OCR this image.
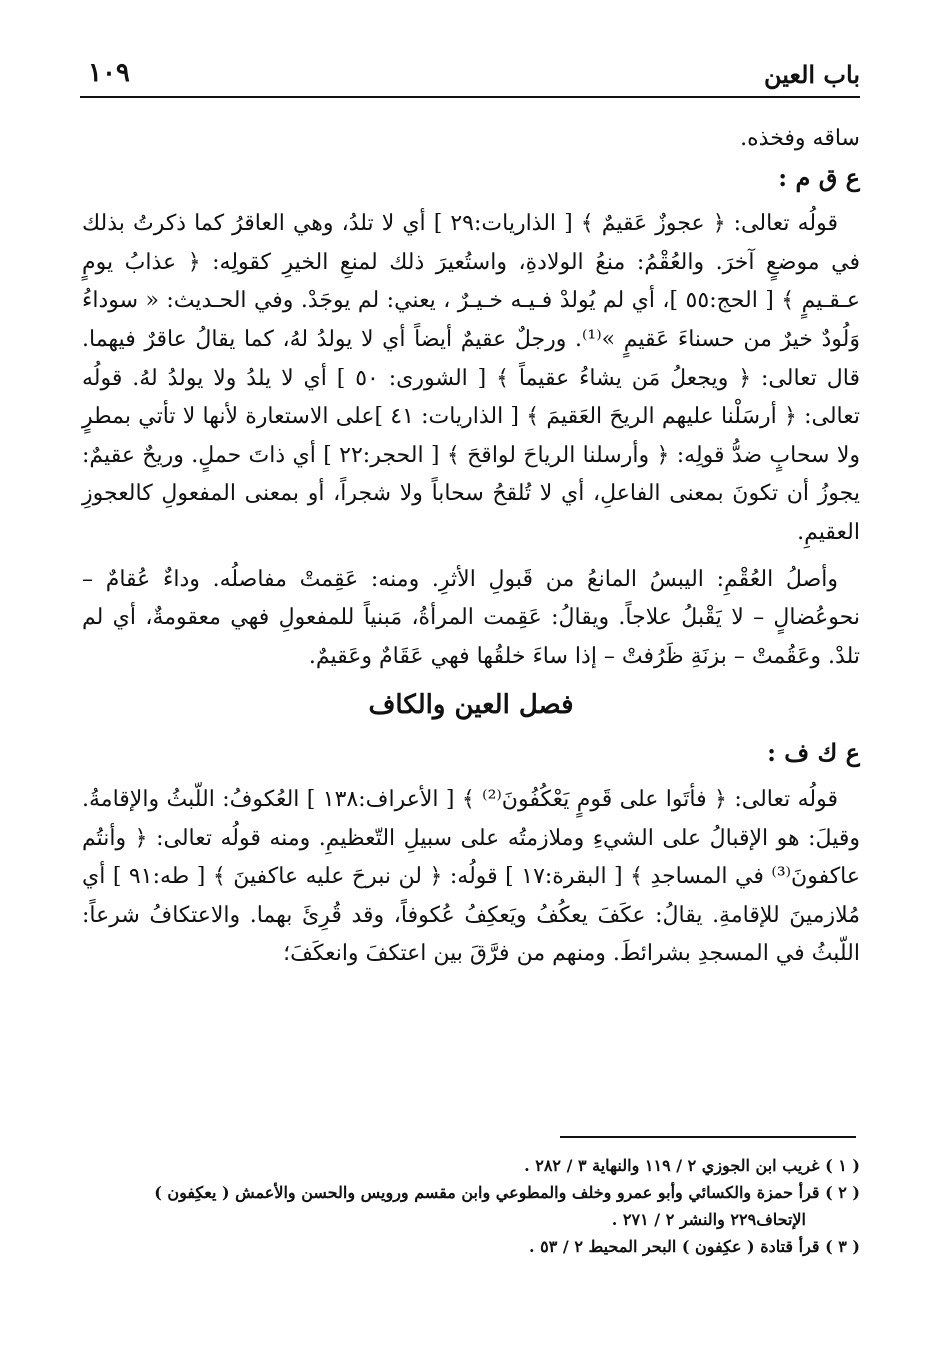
باب العين
١٠٩

ساقه وفخذه.

ع ق م :

قولُه تعالى: ﴿ عجوزٌ عَقيمٌ ﴾ [ الذاريات:٢٩ ] أي لا تلدُ، وهي العاقرُ كما ذكرتُ بذلك في موضعٍ آخرَ. والعُقْمُ: منعُ الولادةِ، واستُعيرَ ذلك لمنعِ الخيرِ كقولِه: ﴿ عذابُ يومٍ عـقـيمٍ ﴾ [ الحج:٥٥ ]، أي لم يُولدْ فـيـه خـيـرٌ ، يعني: لم يوجَدْ. وفي الحـديث: « سوداءُ وَلُودٌ خيرٌ من حسناءَ عَقيمٍ »⁽¹⁾. ورجلٌ عقيمٌ أيضاً أي لا يولدُ لهُ، كما يقالُ عاقرٌ فيهما. قال تعالى: ﴿ ويجعلُ مَن يشاءُ عقيماً ﴾ [ الشورى: ٥٠ ] أي لا يلدُ ولا يولدُ لهُ. قولُه تعالى: ﴿ أرسَلْنا عليهم الريحَ العَقيمَ ﴾ [ الذاريات: ٤١ ]على الاستعارة لأنها لا تأتي بمطرٍ ولا سحابٍ ضدُّ قولِه: ﴿ وأرسلنا الرياحَ لواقحَ ﴾ [ الحجر:٢٢ ] أي ذاتَ حملٍ. وريحٌ عقيمٌ: يجوزُ أن تكونَ بمعنى الفاعلِ، أي لا تُلقحُ سحاباً ولا شجراً، أو بمعنى المفعولِ كالعجوزِ العقيمِ.

وأصلُ العُقْمِ: اليبسُ المانعُ من قَبولِ الأثرِ. ومنه: عَقِمتْ مفاصلُه. وداءٌ عُقامٌ – نحوعُضالٍ – لا يَقْبلُ علاجاً. ويقالُ: عَقِمت المرأةُ، مَبنياً للمفعولِ فهي معقومةٌ، أي لم تلدْ. وعَقُمتْ – بزنَةِ ظَرُفتْ – إذا ساءَ خلقُها فهي عَقَامٌ وعَقيمٌ.

فصل العين والكاف

ع ك ف :

قولُه تعالى: ﴿ فأتَوا على قَومٍ يَعْكُفُونَ⁽²⁾ ﴾ [ الأعراف:١٣٨ ] العُكوفُ: اللّبثُ والإقامةُ. وقيلَ: هو الإقبالُ على الشيءِ وملازمتُه على سبيلِ التّعظيمِ. ومنه قولُه تعالى: ﴿ وأنتُم عاكفونَ⁽³⁾ في المساجدِ ﴾ [ البقرة:١٧ ] قولُه: ﴿ لن نبرحَ عليه عاكفينَ ﴾ [ طه:٩١ ] أي مُلازمينَ للإقامةِ. يقالُ: عكَفَ يعكُفُ ويَعكِفُ عُكوفاً، وقد قُرِئَ بهما. والاعتكافُ شرعاً: اللّبثُ في المسجدِ بشرائطَ. ومنهم من فرَّقَ بين اعتكفَ وانعكَفَ؛

( ١ ) غريب ابن الجوزي ٢ / ١١٩ والنهاية ٣ / ٢٨٢ .

( ٢ ) قرأ حمزة والكسائي وأبو عمرو وخلف والمطوعي وابن مقسم ورويس والحسن والأعمش ( يعكِفون )

الإتحاف٢٢٩ والنشر ٢ / ٢٧١ .

( ٣ ) قرأ قتادة ( عكِفون ) البحر المحيط ٢ / ٥٣ .
